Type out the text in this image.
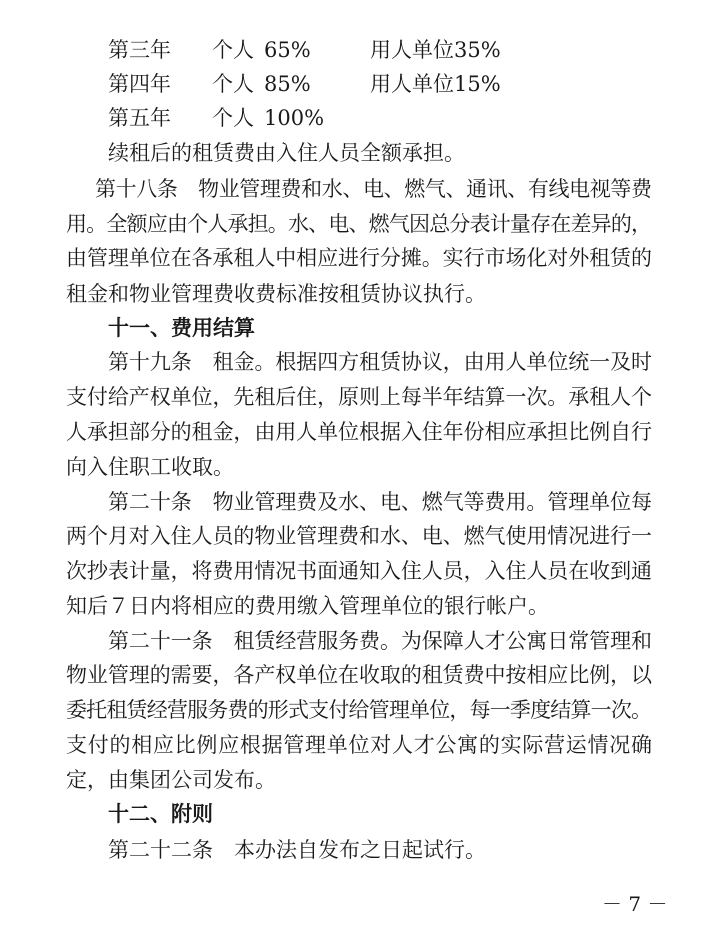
第三年 个人 65%	用人单位 35%
第四年 个人 85%	用人单位 15%
第五年 个人 100%
续租后的租赁费由入住人员全额承担。
第十八条　物业管理费和水、电、燃气、通讯、有线电视等费
用。全额应由个人承担。水、电、燃气因总分表计量存在差异的，
由管理单位在各承租人中相应进行分摊。实行市场化对外租赁的
租金和物业管理费收费标准按租赁协议执行。
十一、费用结算
第十九条　租金。根据四方租赁协议，由用人单位统一及时
支付给产权单位，先租后住，原则上每半年结算一次。承租人个
人承担部分的租金，由用人单位根据入住年份相应承担比例自行
向入住职工收取。
第二十条　物业管理费及水、电、燃气等费用。管理单位每
两个月对入住人员的物业管理费和水、电、燃气使用情况进行一
次抄表计量，将费用情况书面通知入住人员，入住人员在收到通
知后７日内将相应的费用缴入管理单位的银行帐户。
第二十一条　租赁经营服务费。为保障人才公寓日常管理和
物业管理的需要，各产权单位在收取的租赁费中按相应比例，以
委托租赁经营服务费的形式支付给管理单位，每一季度结算一次。
支付的相应比例应根据管理单位对人才公寓的实际营运情况确
定，由集团公司发布。
十二、附则
第二十二条　本办法自发布之日起试行。
－ 7 －
